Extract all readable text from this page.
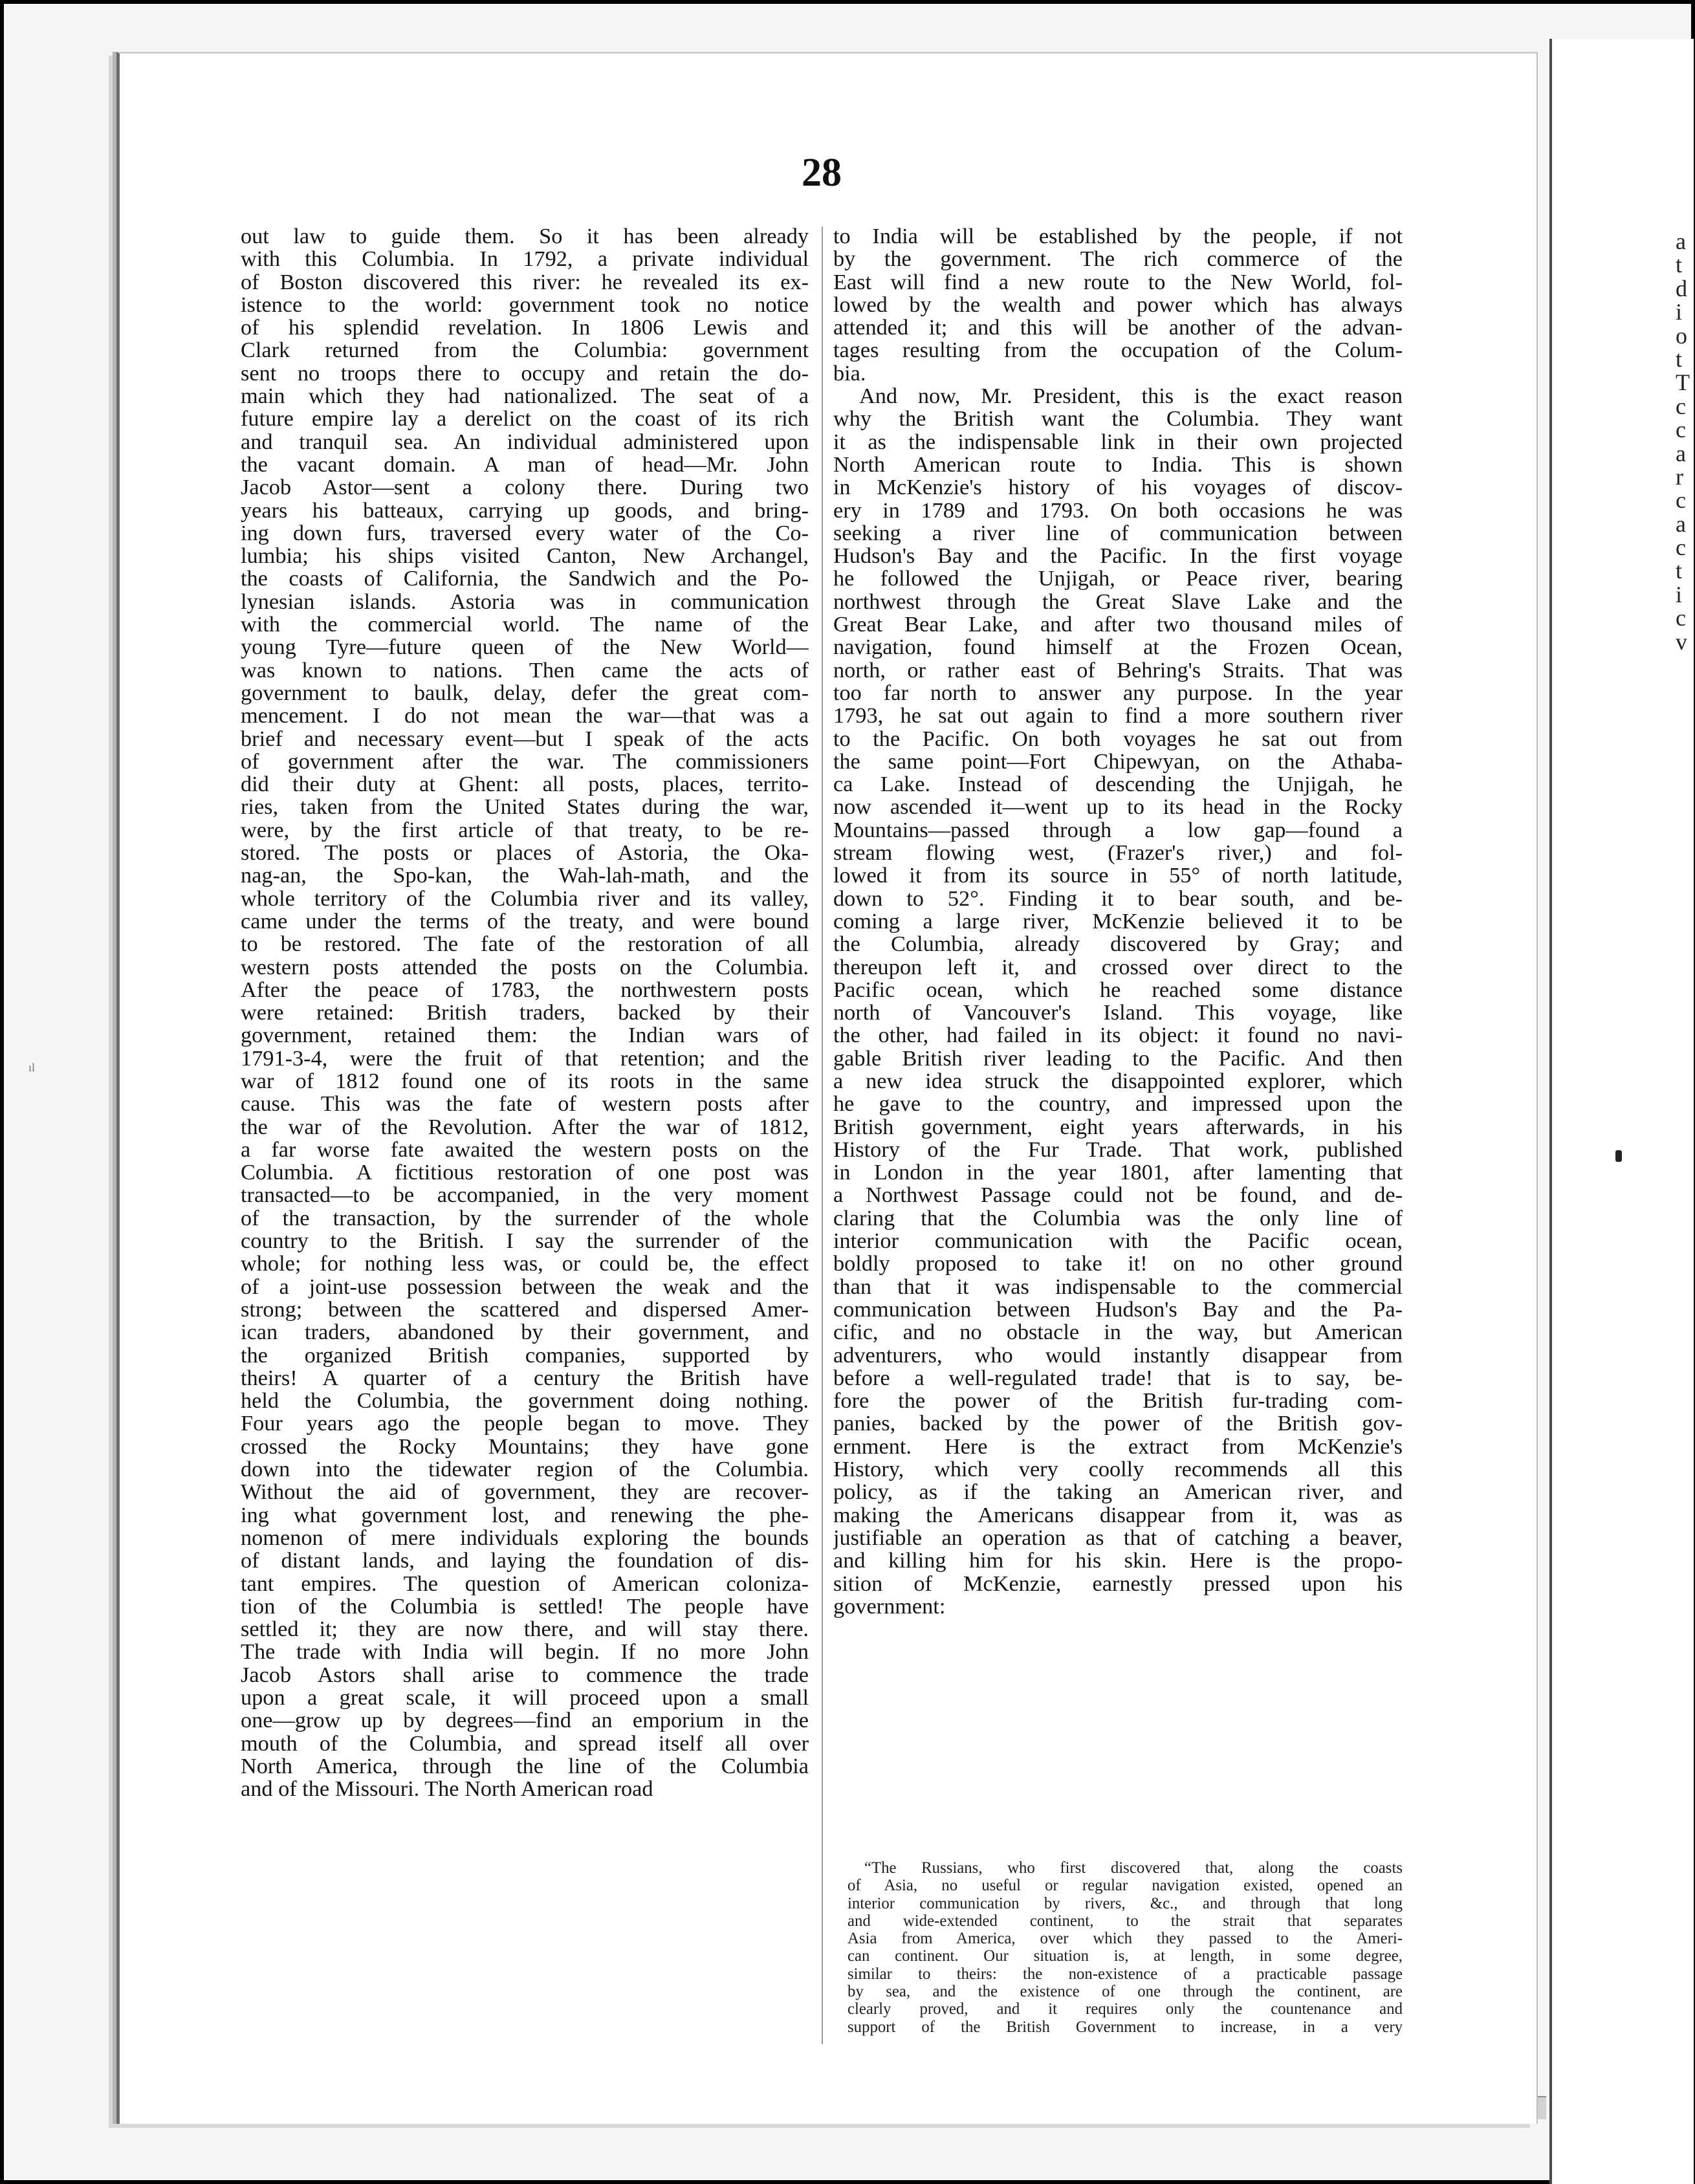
a
t
d
i
o
t
T
c
c
a
r
c
a
c
t
i
c
v
ıl
28
out law to guide them. So it has been already
with this Columbia. In 1792, a private individual
of Boston discovered this river: he revealed its ex-
istence to the world: government took no notice
of his splendid revelation. In 1806 Lewis and
Clark returned from the Columbia: government
sent no troops there to occupy and retain the do-
main which they had nationalized. The seat of a
future empire lay a derelict on the coast of its rich
and tranquil sea. An individual administered upon
the vacant domain. A man of head—Mr. John
Jacob Astor—sent a colony there. During two
years his batteaux, carrying up goods, and bring-
ing down furs, traversed every water of the Co-
lumbia; his ships visited Canton, New Archangel,
the coasts of California, the Sandwich and the Po-
lynesian islands. Astoria was in communication
with the commercial world. The name of the
young Tyre—future queen of the New World—
was known to nations. Then came the acts of
government to baulk, delay, defer the great com-
mencement. I do not mean the war—that was a
brief and necessary event—but I speak of the acts
of government after the war. The commissioners
did their duty at Ghent: all posts, places, territo-
ries, taken from the United States during the war,
were, by the first article of that treaty, to be re-
stored. The posts or places of Astoria, the Oka-
nag-an, the Spo-kan, the Wah-lah-math, and the
whole territory of the Columbia river and its valley,
came under the terms of the treaty, and were bound
to be restored. The fate of the restoration of all
western posts attended the posts on the Columbia.
After the peace of 1783, the northwestern posts
were retained: British traders, backed by their
government, retained them: the Indian wars of
1791-3-4, were the fruit of that retention; and the
war of 1812 found one of its roots in the same
cause. This was the fate of western posts after
the war of the Revolution. After the war of 1812,
a far worse fate awaited the western posts on the
Columbia. A fictitious restoration of one post was
transacted—to be accompanied, in the very moment
of the transaction, by the surrender of the whole
country to the British. I say the surrender of the
whole; for nothing less was, or could be, the effect
of a joint-use possession between the weak and the
strong; between the scattered and dispersed Amer-
ican traders, abandoned by their government, and
the organized British companies, supported by
theirs! A quarter of a century the British have
held the Columbia, the government doing nothing.
Four years ago the people began to move. They
crossed the Rocky Mountains; they have gone
down into the tidewater region of the Columbia.
Without the aid of government, they are recover-
ing what government lost, and renewing the phe-
nomenon of mere individuals exploring the bounds
of distant lands, and laying the foundation of dis-
tant empires. The question of American coloniza-
tion of the Columbia is settled! The people have
settled it; they are now there, and will stay there.
The trade with India will begin. If no more John
Jacob Astors shall arise to commence the trade
upon a great scale, it will proceed upon a small
one—grow up by degrees—find an emporium in the
mouth of the Columbia, and spread itself all over
North America, through the line of the Columbia
and of the Missouri. The North American road
to India will be established by the people, if not
by the government. The rich commerce of the
East will find a new route to the New World, fol-
lowed by the wealth and power which has always
attended it; and this will be another of the advan-
tages resulting from the occupation of the Colum-
bia.
And now, Mr. President, this is the exact reason
why the British want the Columbia. They want
it as the indispensable link in their own projected
North American route to India. This is shown
in McKenzie's history of his voyages of discov-
ery in 1789 and 1793. On both occasions he was
seeking a river line of communication between
Hudson's Bay and the Pacific. In the first voyage
he followed the Unjigah, or Peace river, bearing
northwest through the Great Slave Lake and the
Great Bear Lake, and after two thousand miles of
navigation, found himself at the Frozen Ocean,
north, or rather east of Behring's Straits. That was
too far north to answer any purpose. In the year
1793, he sat out again to find a more southern river
to the Pacific. On both voyages he sat out from
the same point—Fort Chipewyan, on the Athaba-
ca Lake. Instead of descending the Unjigah, he
now ascended it—went up to its head in the Rocky
Mountains—passed through a low gap—found a
stream flowing west, (Frazer's river,) and fol-
lowed it from its source in 55° of north latitude,
down to 52°. Finding it to bear south, and be-
coming a large river, McKenzie believed it to be
the Columbia, already discovered by Gray; and
thereupon left it, and crossed over direct to the
Pacific ocean, which he reached some distance
north of Vancouver's Island. This voyage, like
the other, had failed in its object: it found no navi-
gable British river leading to the Pacific. And then
a new idea struck the disappointed explorer, which
he gave to the country, and impressed upon the
British government, eight years afterwards, in his
History of the Fur Trade. That work, published
in London in the year 1801, after lamenting that
a Northwest Passage could not be found, and de-
claring that the Columbia was the only line of
interior communication with the Pacific ocean,
boldly proposed to take it! on no other ground
than that it was indispensable to the commercial
communication between Hudson's Bay and the Pa-
cific, and no obstacle in the way, but American
adventurers, who would instantly disappear from
before a well-regulated trade! that is to say, be-
fore the power of the British fur-trading com-
panies, backed by the power of the British gov-
ernment. Here is the extract from McKenzie's
History, which very coolly recommends all this
policy, as if the taking an American river, and
making the Americans disappear from it, was as
justifiable an operation as that of catching a beaver,
and killing him for his skin. Here is the propo-
sition of McKenzie, earnestly pressed upon his
government:
“The Russians, who first discovered that, along the coasts
of Asia, no useful or regular navigation existed, opened an
interior communication by rivers, &c., and through that long
and wide-extended continent, to the strait that separates
Asia from America, over which they passed to the Ameri-
can continent. Our situation is, at length, in some degree,
similar to theirs: the non-existence of a practicable passage
by sea, and the existence of one through the continent, are
clearly proved, and it requires only the countenance and
support of the British Government to increase, in a very
